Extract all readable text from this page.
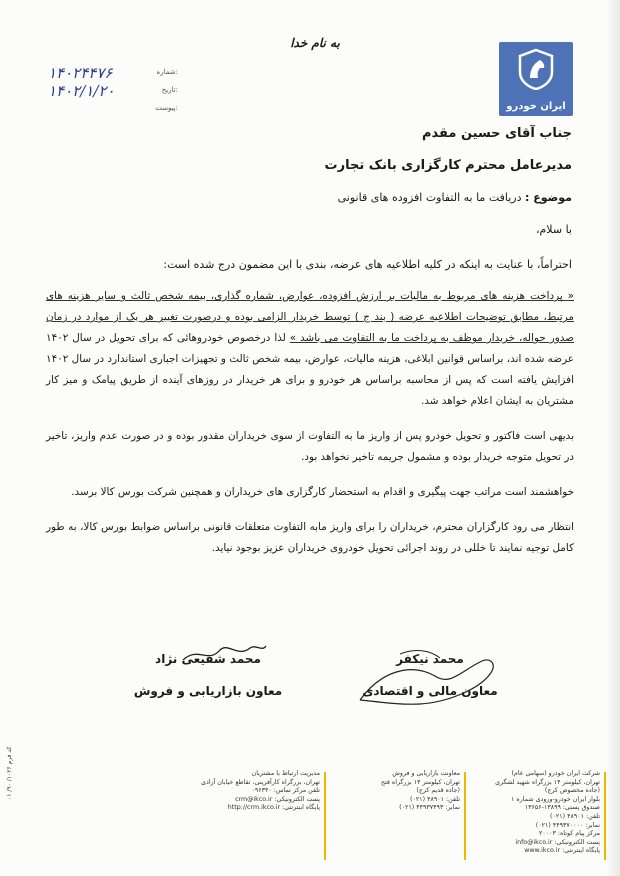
به نام خدا
ایران خودرو
شماره:
۱۴۰۲۴۴۷۶
تاریخ:
۱۴۰۲/۱/۲۰
پیوست:
جناب آقای حسین مقدم
مدیرعامل محترم کارگزاری بانک تجارت
موضوع : دریافت ما به التفاوت افزوده های قانونی
با سلام،
احتراماً، با عنایت به اینکه در کلیه اطلاعیه های عرضه، بندی با این مضمون درج شده است:

« پرداخت هزینه های مربوط به مالیات بر ارزش افزوده، عوارض، شماره گذاری، بیمه شخص ثالث و سایر هزینه های مرتبط، مطابق توضیحات اطلاعیه عرضه ( بند ج ) توسط خریدار الزامی بوده و درصورت تغییر هر یک از موارد در زمان صدور حواله، خریدار موظف به پرداخت ما به التفاوت می باشد » لذا درخصوص خودروهائی که برای تحویل در سال ۱۴۰۲ عرضه شده اند، براساس قوانین ابلاغی، هزینه مالیات، عوارض، بیمه شخص ثالث و تجهیزات اجباری استاندارد در سال ۱۴۰۲ افزایش یافته است که پس از محاسبه براساس هر خودرو و برای هر خریدار در روزهای آینده از طریق پیامک و میز کار مشتریان به ایشان اعلام خواهد شد.

بدیهی است فاکتور و تحویل خودرو پس از واریز ما به التفاوت از سوی خریداران مقدور بوده و در صورت عدم واریز، تاخیر در تحویل متوجه خریدار بوده و مشمول جریمه تاخیر نخواهد بود.

خواهشمند است مراتب جهت پیگیری و اقدام به استحضار کارگزاری های خریداران و همچنین شرکت بورس کالا برسد.

انتظار می رود کارگزاران محترم، خریداران را برای واریز مابه التفاوت متعلقات قانونی براساس ضوابط بورس کالا، به طور کامل توجیه نمایند تا خللی در روند اجرائی تحویل خودروی خریداران عزیز بوجود نیاید.

محمد شفیعی نژاد
معاون بازاریابی و فروش
محمد نیکفر
معاون مالی و اقتصادی

شرکت ایران خودرو (سهامی عام)

تهران، کیلومتر ۱۴ بزرگراه شهید لشگری

(جاده مخصوص کرج)

بلوار ایران خودرو-ورودی شماره ۱

صندوق پستی: ۱۳۸۹۹-۱۳۶۵۶

تلفن: ۴۸۹۰۱ (۰۲۱)

نمابر: ۴۴۹۳۷۰۰۰۰ (۰۲۱)

مرکز پیام کوتاه: ۲۰۰۰۳

پست الکترونیکی: info@ikco.ir

پایگاه اینترنتی: www.ikco.ir

معاونت بازاریابی و فروش

تهران، کیلومتر ۱۴ بزرگراه فتح

(جاده قدیم کرج)

تلفن: ۴۸۹۰۱ (۰۲۱)

نمابر: ۴۴۹۳۷۴۹۳ (۰۲۱)

مدیریت ارتباط با مشتریان

تهران، بزرگراه کارآفرینی، تقاطع خیابان آزادی

تلفن مرکز تماس: ۰۹۶۳۴۰

پست الکترونیکی: crm@ikco.ir

پایگاه اینترنتی: http://crm.ikco.ir

کد فرم ۱۰۳۶/ ۹۰/ ۰۱
